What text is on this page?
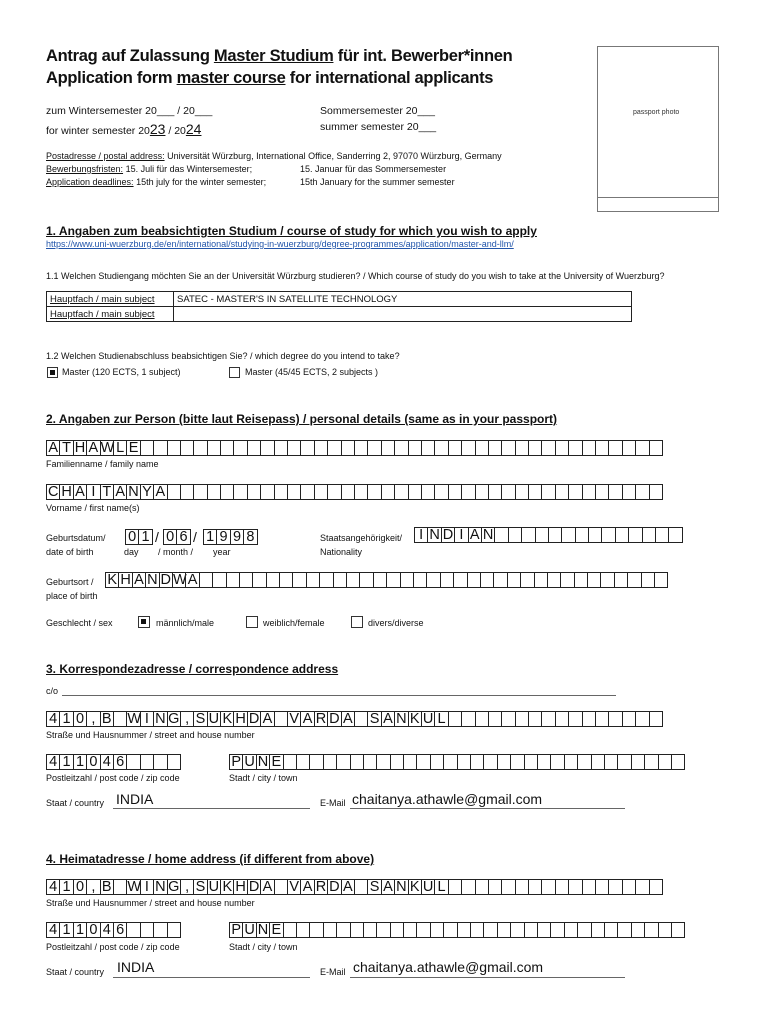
Antrag auf Zulassung Master Studium für int. Bewerber*innen
Application form master course for international applicants
passport photo
zum Wintersemester 20___ / 20___
for winter semester 2023 / 2024
Sommersemester 20___
summer semester 20___
Postadresse / postal address: Universität Würzburg, International Office, Sanderring 2, 97070 Würzburg, Germany
Bewerbungsfristen: 15. Juli für das Wintersemester;	15. Januar für das Sommersemester
Application deadlines: 15th july for the winter semester;	15th January for the summer semester
1. Angaben zum beabsichtigten Studium / course of study for which you wish to apply
https://www.uni-wuerzburg.de/en/international/studying-in-wuerzburg/degree-programmes/application/master-and-llm/
1.1 Welchen Studiengang möchten Sie an der Universität Würzburg studieren? / Which course of study do you wish to take at the University of Wuerzburg?
Hauptfach / main subject	SATEC - MASTER'S IN SATELLITE TECHNOLOGY
Hauptfach / main subject	
1.2 Welchen Studienabschluss beabsichtigen Sie? / which degree do you intend to take?
Master (120 ECTS, 1 subject)	Master (45/45 ECTS, 2 subjects )
2. Angaben zur Person (bitte laut Reisepass) / personal details (same as in your passport)
A T H A W L E
Familienname / family name
C H A I T A N Y A
Vorname / first name(s)
Geburtsdatum/
date of birth
0 1 / 0 6 / 1 9 9 8
day / month / year
Staatsangehörigkeit/
Nationality
I N D I A N
Geburtsort /
place of birth
K H A N D W A
Geschlecht / sex	männlich/male	weiblich/female	divers/diverse
3. Korrespondezadresse / correspondence address
c/o
4 1 0 , B W I N G , S U K H D A V A R D A S A N K U L
Straße und Hausnummer / street and house number
4 1 1 0 4 6	P U N E
Postleitzahl / post code / zip code	Stadt / city / town
Staat / country INDIA	E-Mail chaitanya.athawle@gmail.com
4. Heimatadresse / home address (if different from above)
4 1 0 , B W I N G , S U K H D A V A R D A S A N K U L
Straße und Hausnummer / street and house number
4 1 1 0 4 6	P U N E
Postleitzahl / post code / zip code	Stadt / city / town
Staat / country INDIA	E-Mail chaitanya.athawle@gmail.com
